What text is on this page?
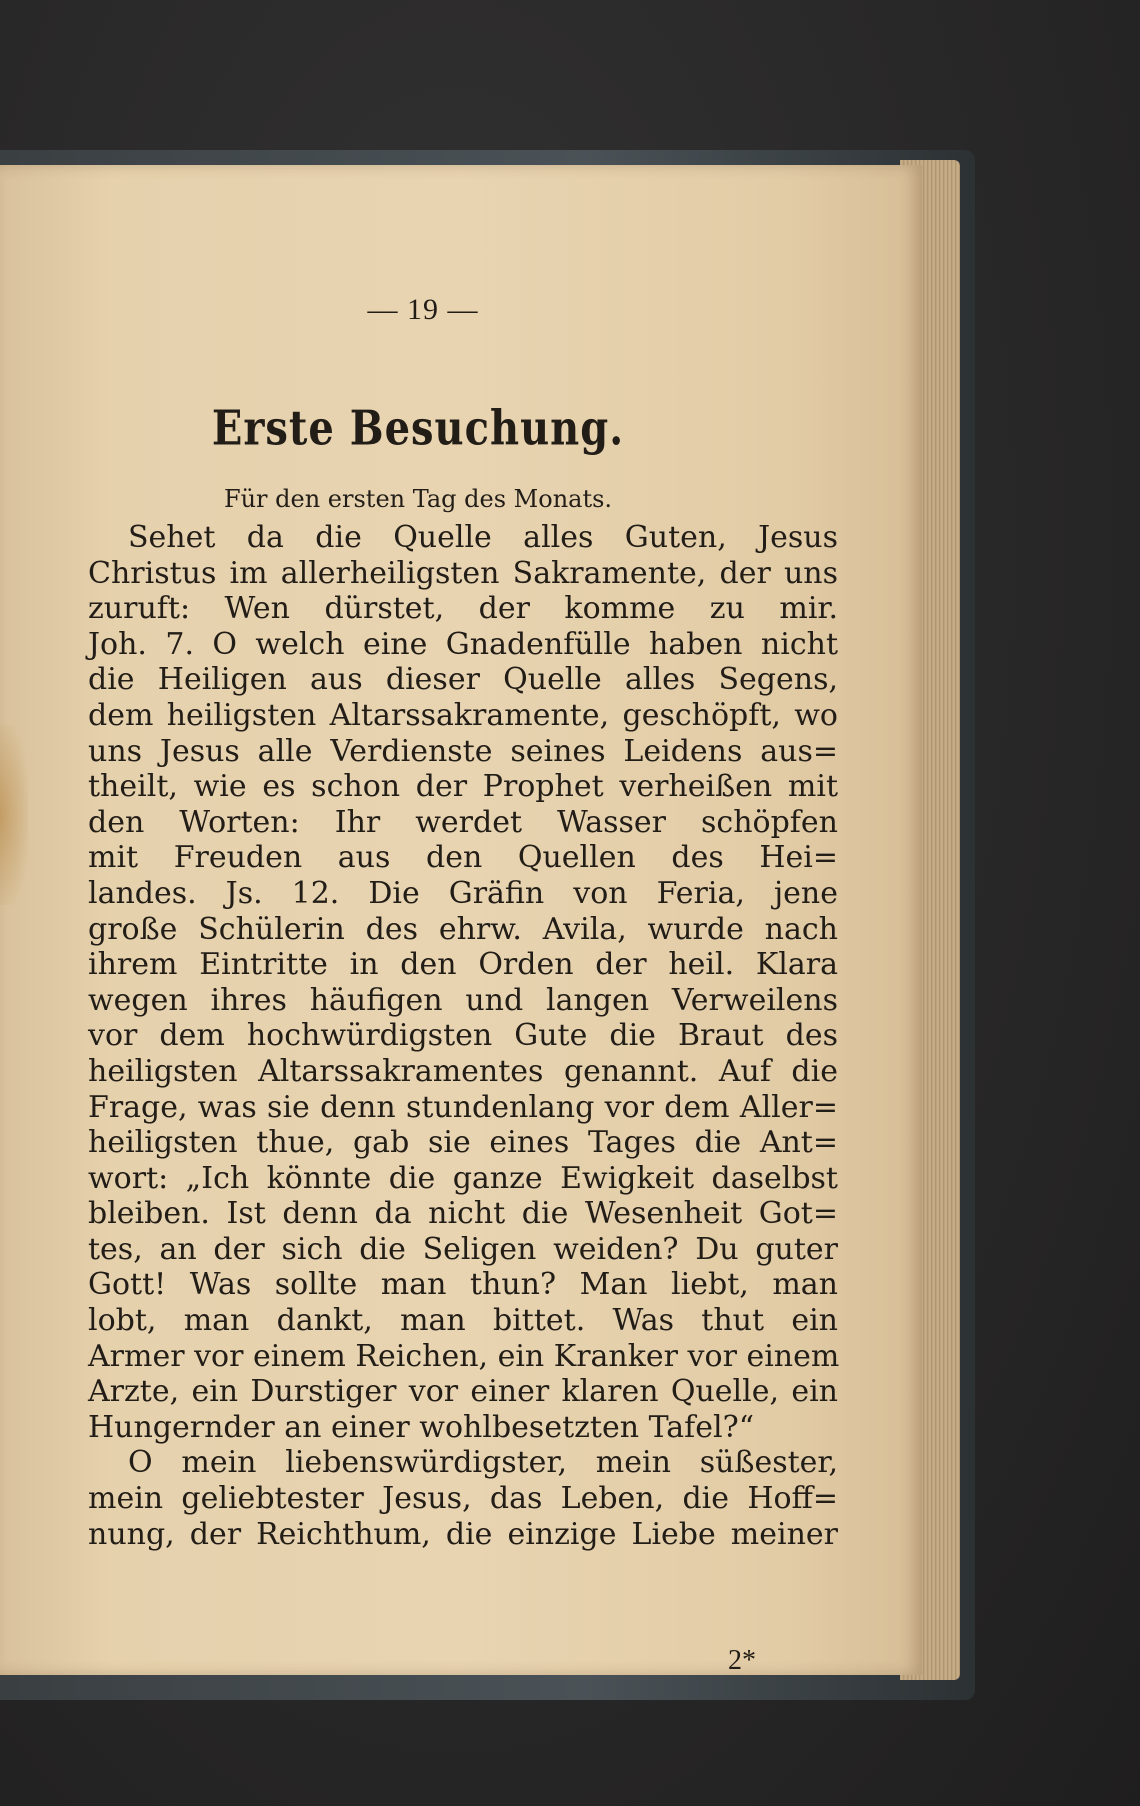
— 19 —
Erste Besuchung.
Für den ersten Tag des Monats.
Sehet da die Quelle alles Guten, Jesus
Christus im allerheiligsten Sakramente, der uns
zuruft: Wen dürstet, der komme zu mir.
Joh. 7. O welch eine Gnadenfülle haben nicht
die Heiligen aus dieser Quelle alles Segens,
dem heiligsten Altarssakramente, geschöpft, wo
uns Jesus alle Verdienste seines Leidens aus=
theilt, wie es schon der Prophet verheißen mit
den Worten: Ihr werdet Wasser schöpfen
mit Freuden aus den Quellen des Hei=
landes. Js. 12. Die Gräfin von Feria, jene
große Schülerin des ehrw. Avila, wurde nach
ihrem Eintritte in den Orden der heil. Klara
wegen ihres häufigen und langen Verweilens
vor dem hochwürdigsten Gute die Braut des
heiligsten Altarssakramentes genannt. Auf die
Frage, was sie denn stundenlang vor dem Aller=
heiligsten thue, gab sie eines Tages die Ant=
wort: „Ich könnte die ganze Ewigkeit daselbst
bleiben. Ist denn da nicht die Wesenheit Got=
tes, an der sich die Seligen weiden? Du guter
Gott! Was sollte man thun? Man liebt, man
lobt, man dankt, man bittet. Was thut ein
Armer vor einem Reichen, ein Kranker vor einem
Arzte, ein Durstiger vor einer klaren Quelle, ein
Hungernder an einer wohlbesetzten Tafel?“
O mein liebenswürdigster, mein süßester,
mein geliebtester Jesus, das Leben, die Hoff=
nung, der Reichthum, die einzige Liebe meiner
2*
